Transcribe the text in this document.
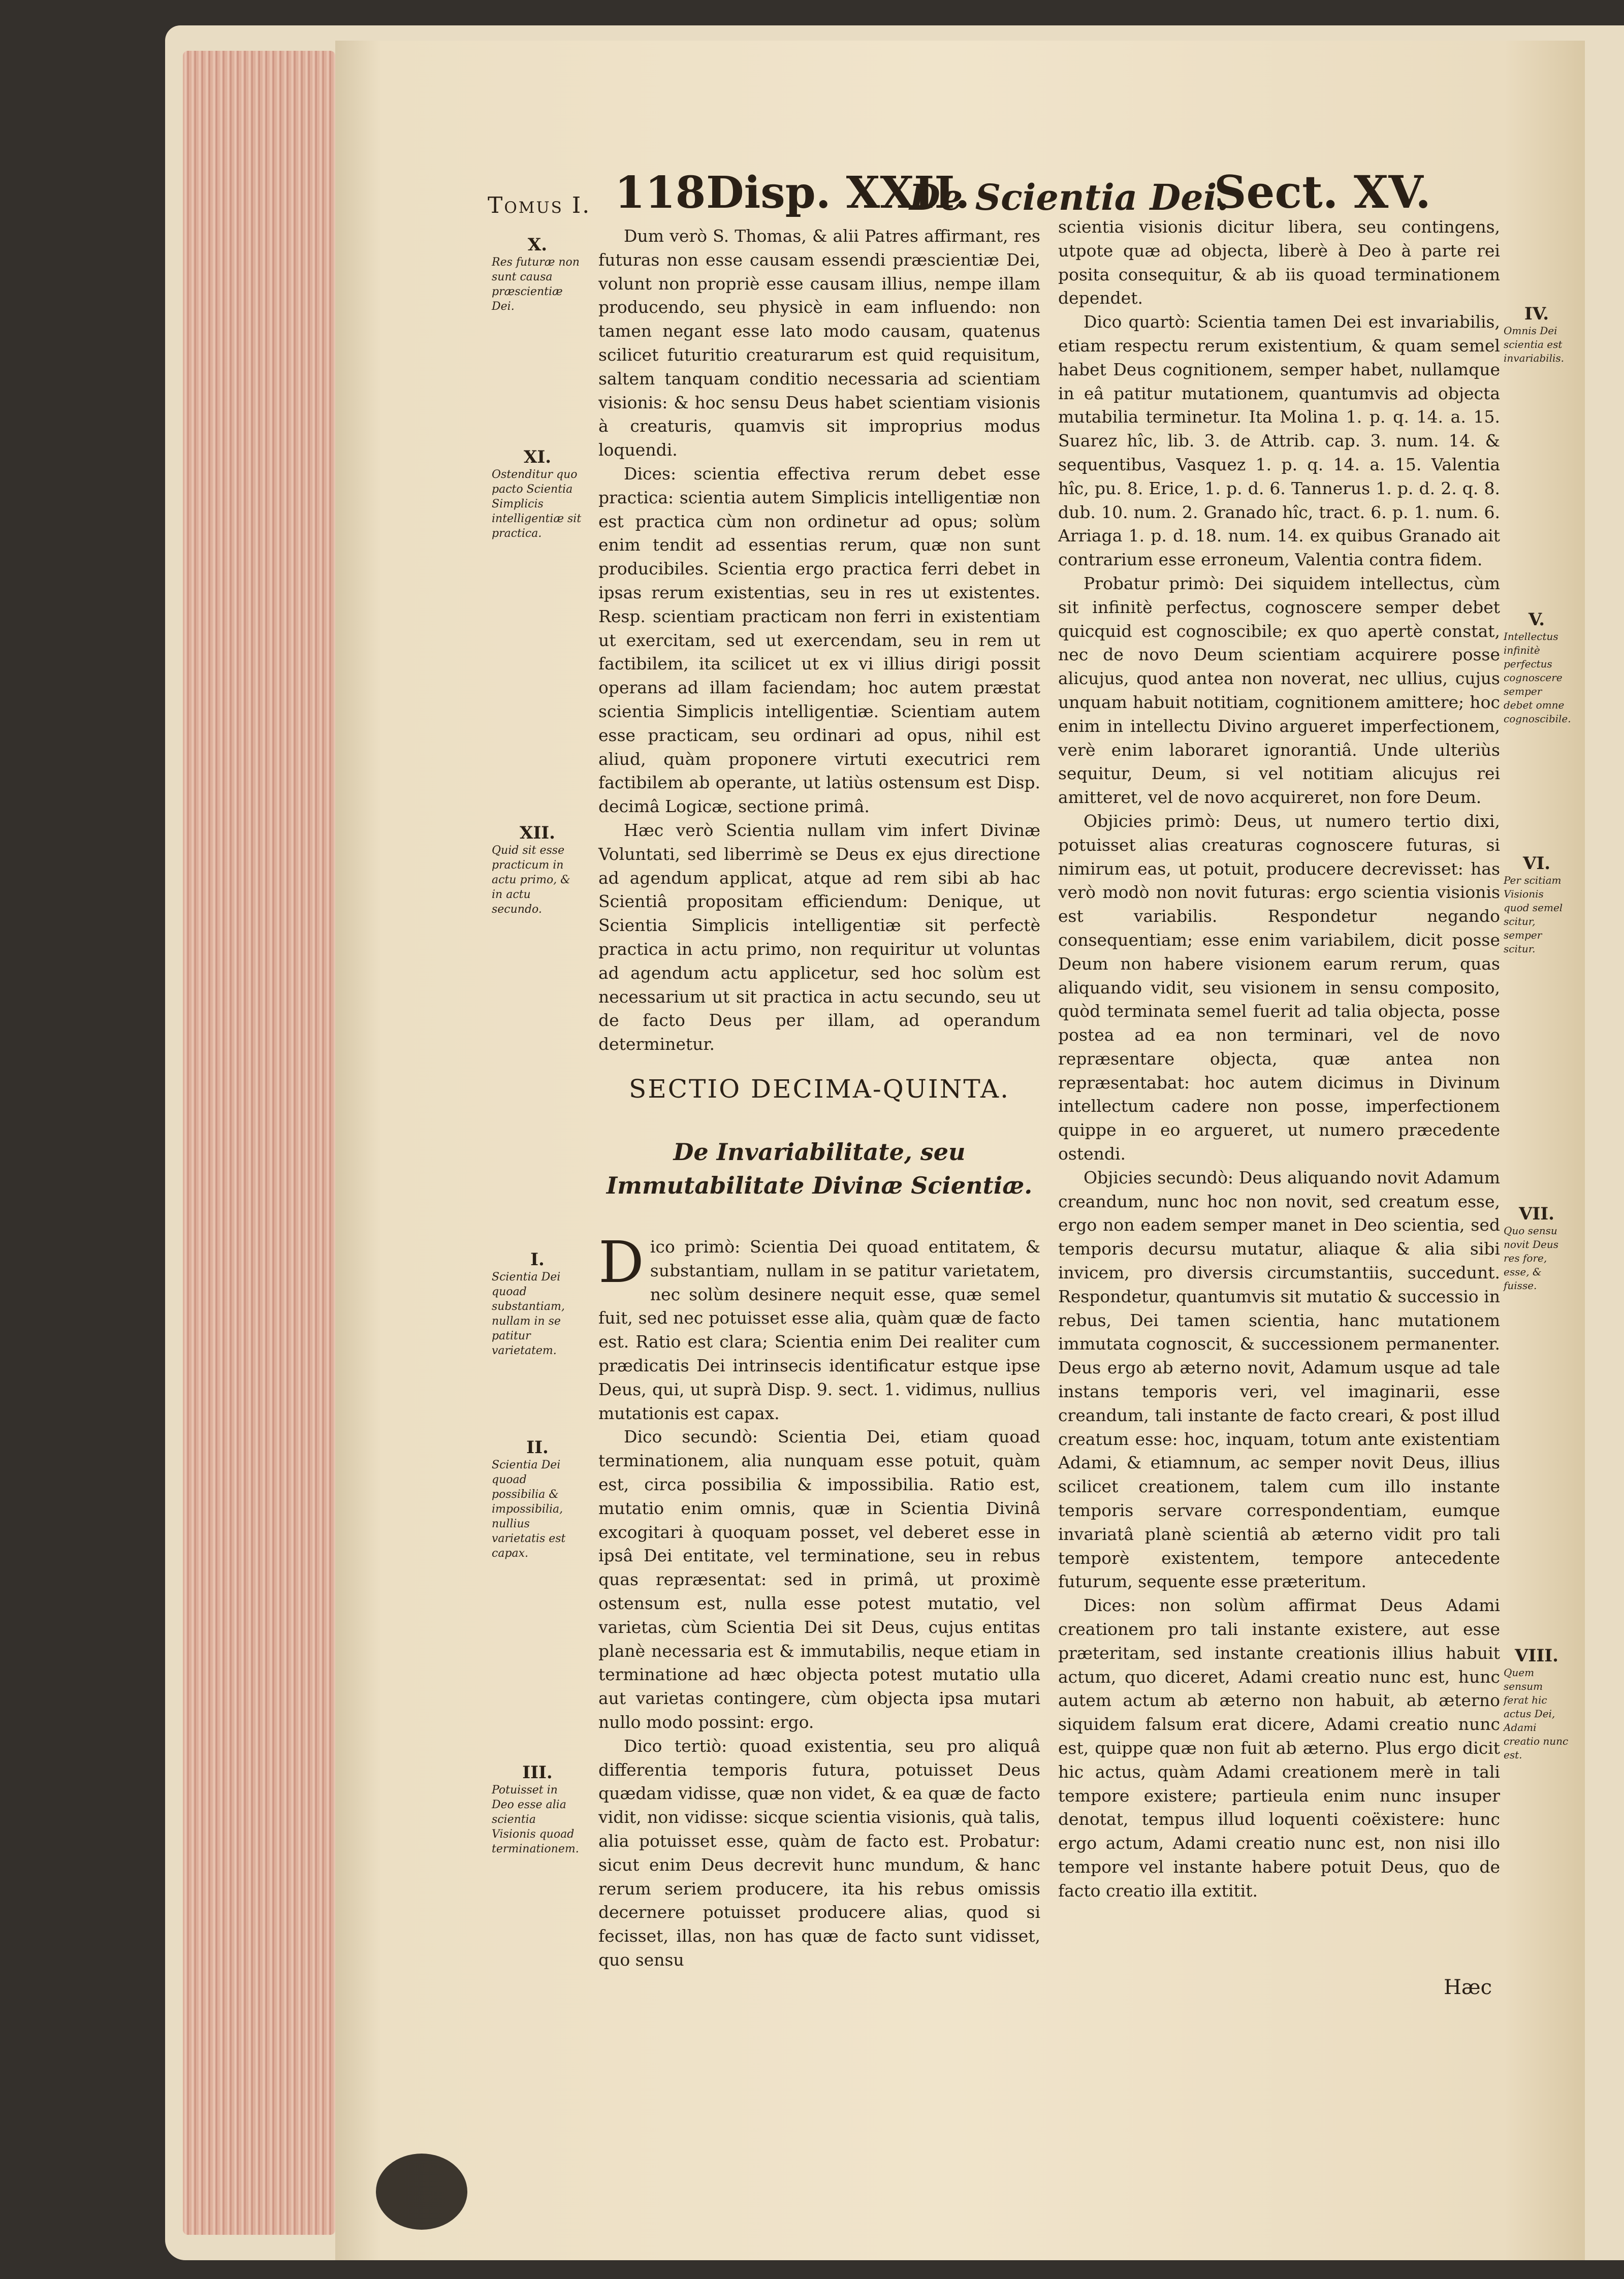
Tomus I. 118 Disp. XXII.
De Scientia Dei.
Sect. XV.

Dum verò S. Thomas, & alii Patres affirmant, res futuras non esse causam essendi præscientiæ Dei, volunt non propriè esse causam illius, nempe illam producendo, seu physicè in eam influendo: non tamen negant esse lato modo causam, quatenus scilicet futuritio creaturarum est quid requisitum, saltem tanquam conditio necessaria ad scientiam visionis: & hoc sensu Deus habet scientiam visionis à creaturis, quamvis sit improprius modus loquendi.

Dices: scientia effectiva rerum debet esse practica: scientia autem Simplicis intelligentiæ non est practica cùm non ordinetur ad opus; solùm enim tendit ad essentias rerum, quæ non sunt producibiles. Scientia ergo practica ferri debet in ipsas rerum existentias, seu in res ut existentes. Resp. scientiam practicam non ferri in existentiam ut exercitam, sed ut exercendam, seu in rem ut factibilem, ita scilicet ut ex vi illius dirigi possit operans ad illam faciendam; hoc autem præstat scientia Simplicis intelligentiæ. Scientiam autem esse practicam, seu ordinari ad opus, nihil est aliud, quàm proponere virtuti executrici rem factibilem ab operante, ut latiùs ostensum est Disp. decimâ Logicæ, sectione primâ.

Hæc verò Scientia nullam vim infert Divinæ Voluntati, sed liberrimè se Deus ex ejus directione ad agendum applicat, atque ad rem sibi ab hac Scientiâ propositam efficiendum: Denique, ut Scientia Simplicis intelligentiæ sit perfectè practica in actu primo, non requiritur ut voluntas ad agendum actu applicetur, sed hoc solùm est necessarium ut sit practica in actu secundo, seu ut de facto Deus per illam, ad operandum determinetur.

SECTIO DECIMA-QUINTA.
De Invariabilitate, seu Immutabilitate Divinæ Scientiæ.

Dico primò: Scientia Dei quoad entitatem, & substantiam, nullam in se patitur varietatem, nec solùm desinere nequit esse, quæ semel fuit, sed nec potuisset esse alia, quàm quæ de facto est. Ratio est clara; Scientia enim Dei realiter cum prædicatis Dei intrinsecis identificatur estque ipse Deus, qui, ut suprà Disp. 9. sect. 1. vidimus, nullius mutationis est capax.

Dico secundò: Scientia Dei, etiam quoad terminationem, alia nunquam esse potuit, quàm est, circa possibilia & impossibilia. Ratio est, mutatio enim omnis, quæ in Scientia Divinâ excogitari à quoquam posset, vel deberet esse in ipsâ Dei entitate, vel terminatione, seu in rebus quas repræsentat: sed in primâ, ut proximè ostensum est, nulla esse potest mutatio, vel varietas, cùm Scientia Dei sit Deus, cujus entitas planè necessaria est & immutabilis, neque etiam in terminatione ad hæc objecta potest mutatio ulla aut varietas contingere, cùm objecta ipsa mutari nullo modo possint: ergo.

Dico tertiò: quoad existentia, seu pro aliquâ differentia temporis futura, potuisset Deus quædam vidisse, quæ non videt, & ea quæ de facto vidit, non vidisse: sicque scientia visionis, quà talis, alia potuisset esse, quàm de facto est. Probatur: sicut enim Deus decrevit hunc mundum, & hanc rerum seriem producere, ita his rebus omissis decernere potuisset producere alias, quod si fecisset, illas, non has quæ de facto sunt vidisset, quo sensu

scientia visionis dicitur libera, seu contingens, utpote quæ ad objecta, liberè à Deo à parte rei posita consequitur, & ab iis quoad terminationem dependet.

Dico quartò: Scientia tamen Dei est invariabilis, etiam respectu rerum existentium, & quam semel habet Deus cognitionem, semper habet, nullamque in eâ patitur mutationem, quantumvis ad objecta mutabilia terminetur. Ita Molina 1. p. q. 14. a. 15. Suarez hîc, lib. 3. de Attrib. cap. 3. num. 14. & sequentibus, Vasquez 1. p. q. 14. a. 15. Valentia hîc, pu. 8. Erice, 1. p. d. 6. Tannerus 1. p. d. 2. q. 8. dub. 10. num. 2. Granado hîc, tract. 6. p. 1. num. 6. Arriaga 1. p. d. 18. num. 14. ex quibus Granado ait contrarium esse erroneum, Valentia contra fidem.

Probatur primò: Dei siquidem intellectus, cùm sit infinitè perfectus, cognoscere semper debet quicquid est cognoscibile; ex quo apertè constat, nec de novo Deum scientiam acquirere posse alicujus, quod antea non noverat, nec ullius, cujus unquam habuit notitiam, cognitionem amittere; hoc enim in intellectu Divino argueret imperfectionem, verè enim laboraret ignorantiâ. Unde ulteriùs sequitur, Deum, si vel notitiam alicujus rei amitteret, vel de novo acquireret, non fore Deum.

Objicies primò: Deus, ut numero tertio dixi, potuisset alias creaturas cognoscere futuras, si nimirum eas, ut potuit, producere decrevisset: has verò modò non novit futuras: ergo scientia visionis est variabilis. Respondetur negando consequentiam; esse enim variabilem, dicit posse Deum non habere visionem earum rerum, quas aliquando vidit, seu visionem in sensu composito, quòd terminata semel fuerit ad talia objecta, posse postea ad ea non terminari, vel de novo repræsentare objecta, quæ antea non repræsentabat: hoc autem dicimus in Divinum intellectum cadere non posse, imperfectionem quippe in eo argueret, ut numero præcedente ostendi.

Objicies secundò: Deus aliquando novit Adamum creandum, nunc hoc non novit, sed creatum esse, ergo non eadem semper manet in Deo scientia, sed temporis decursu mutatur, aliaque & alia sibi invicem, pro diversis circumstantiis, succedunt. Respondetur, quantumvis sit mutatio & successio in rebus, Dei tamen scientia, hanc mutationem immutata cognoscit, & successionem permanenter. Deus ergo ab æterno novit, Adamum usque ad tale instans temporis veri, vel imaginarii, esse creandum, tali instante de facto creari, & post illud creatum esse: hoc, inquam, totum ante existentiam Adami, & etiamnum, ac semper novit Deus, illius scilicet creationem, talem cum illo instante temporis servare correspondentiam, eumque invariatâ planè scientiâ ab æterno vidit pro tali temporè existentem, tempore antecedente futurum, sequente esse præteritum.

Dices: non solùm affirmat Deus Adami creationem pro tali instante existere, aut esse præteritam, sed instante creationis illius habuit actum, quo diceret, Adami creatio nunc est, hunc autem actum ab æterno non habuit, ab æterno siquidem falsum erat dicere, Adami creatio nunc est, quippe quæ non fuit ab æterno. Plus ergo dicit hic actus, quàm Adami creationem merè in tali tempore existere; partieula enim nunc insuper denotat, tempus illud loquenti coëxistere: hunc ergo actum, Adami creatio nunc est, non nisi illo tempore vel instante habere potuit Deus, quo de facto creatio illa extitit.

Hæc
X.
Res futuræ non sunt causa præscientiæ Dei.
XI.
Ostenditur quo pacto Scientia Simplicis intelligentiæ sit practica.
XII.
Quid sit esse practicum in actu primo, & in actu secundo.
I.
Scientia Dei quoad substantiam, nullam in se patitur varietatem.
II.
Scientia Dei quoad possibilia & impossibilia, nullius varietatis est capax.
III.
Potuisset in Deo esse alia scientia Visionis quoad terminationem.
IV.
Omnis Dei scientia est invariabilis.
V.
Intellectus infinitè perfectus cognoscere semper debet omne cognoscibile.
VI.
Per scitiam Visionis quod semel scitur, semper scitur.
VII.
Quo sensu novit Deus res fore, esse, & fuisse.
VIII.
Quem sensum ferat hic actus Dei, Adami creatio nunc est.
